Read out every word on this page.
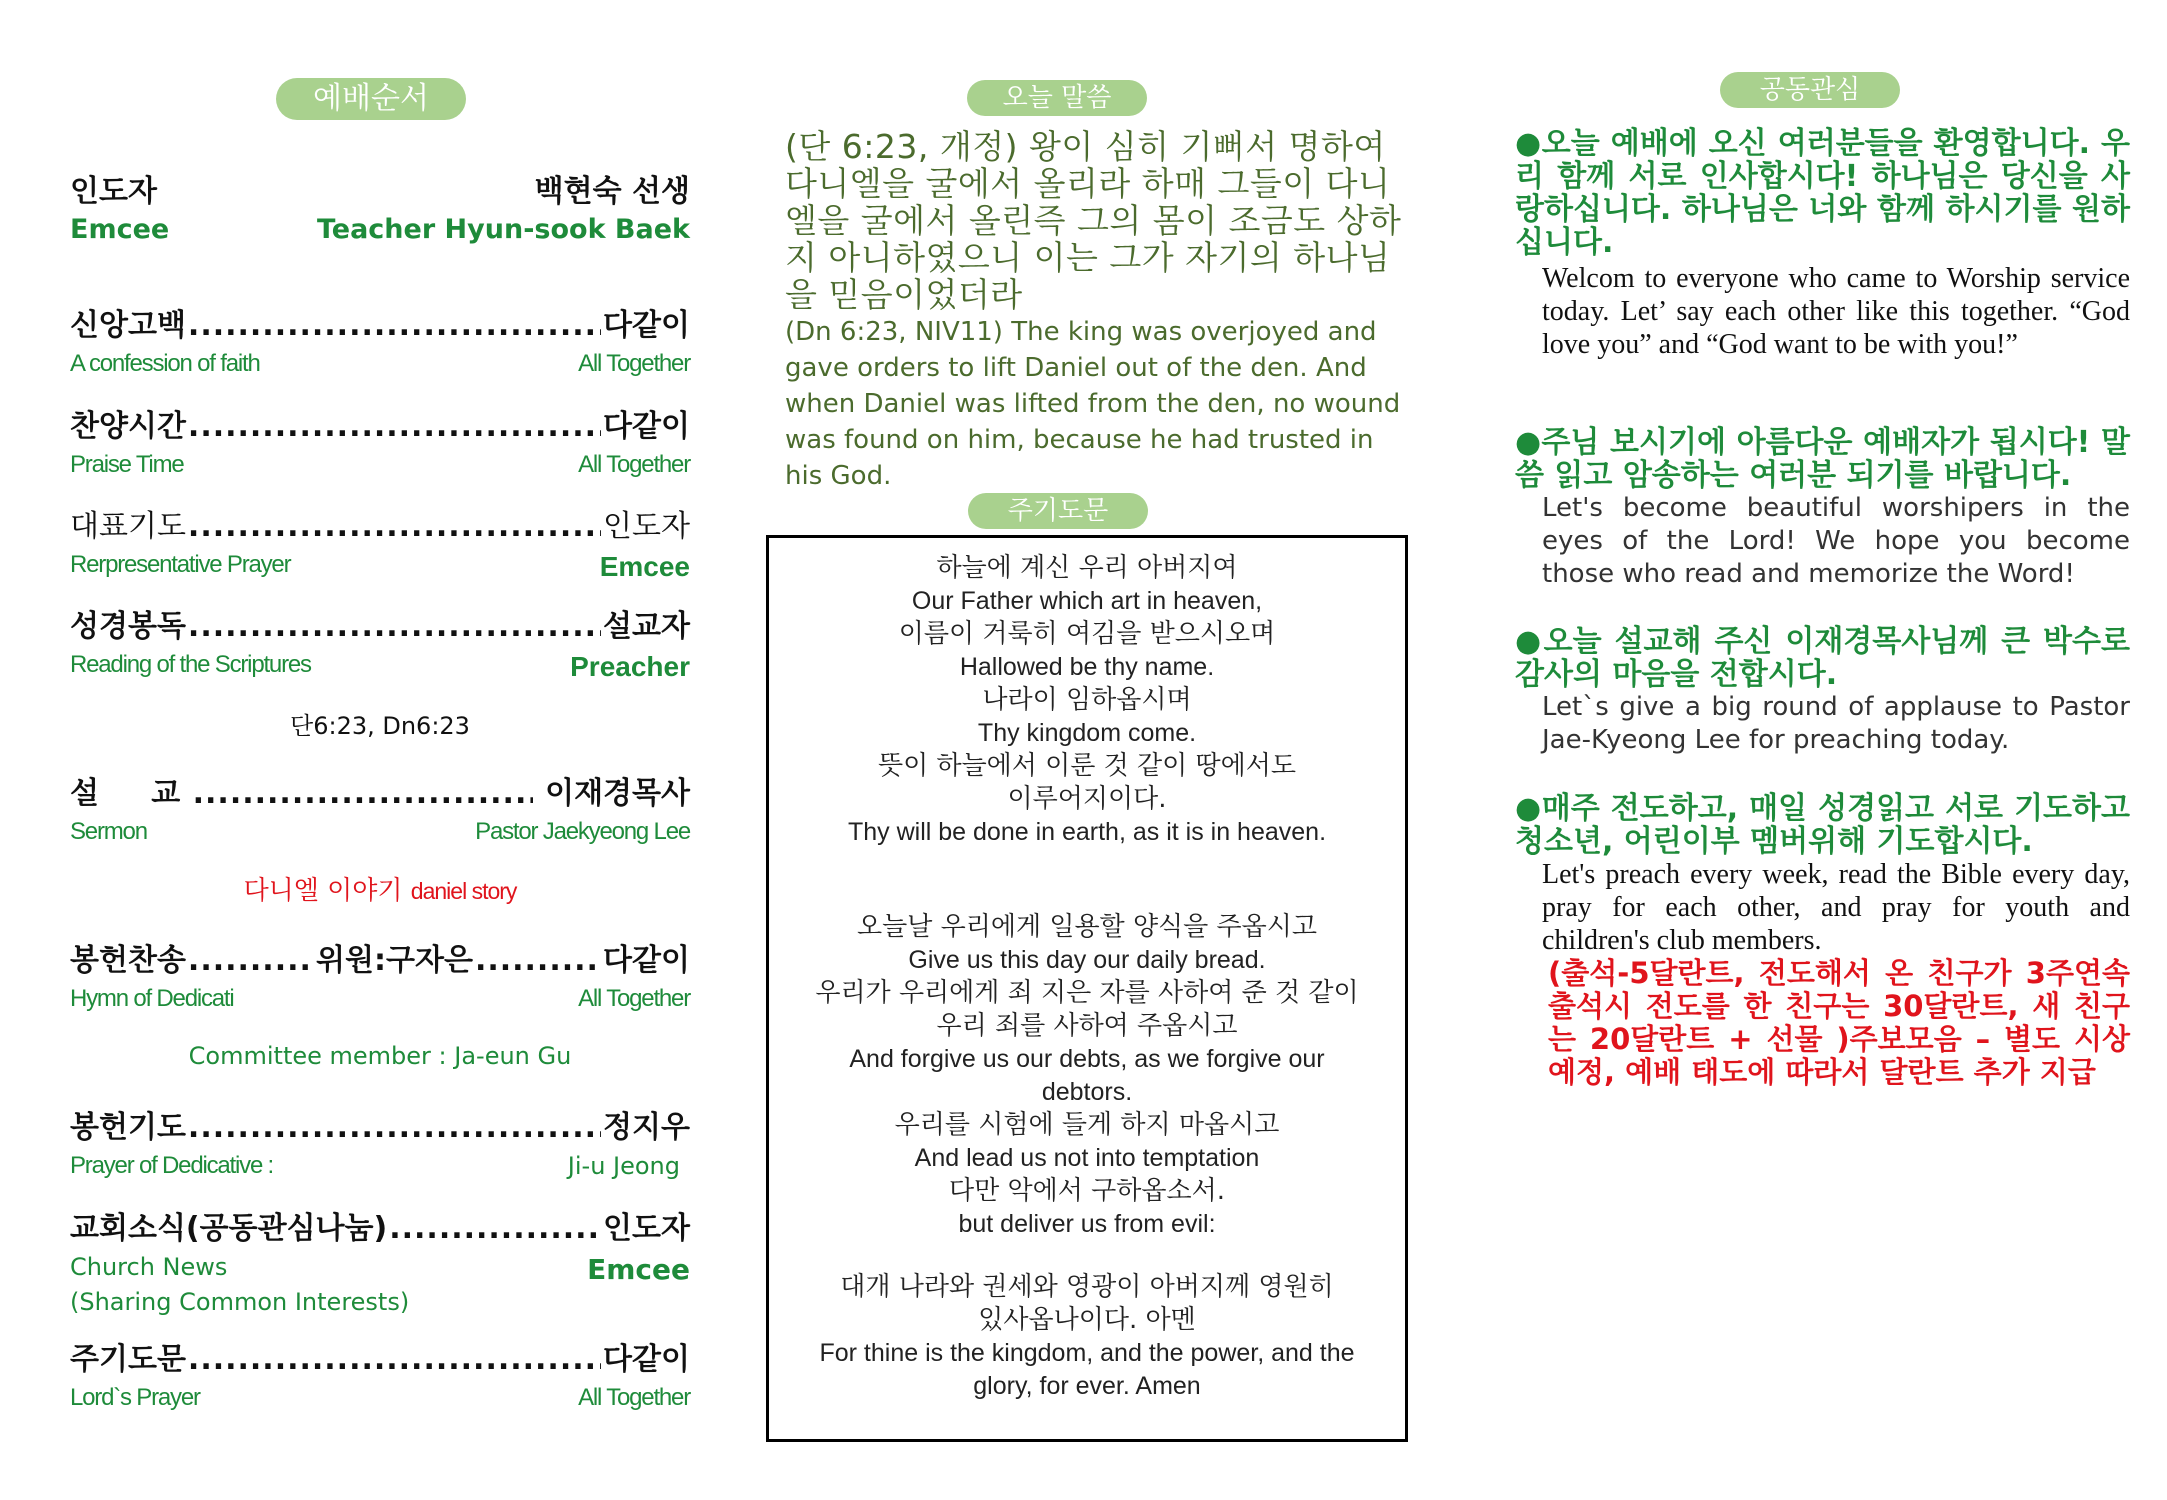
예배순서
인도자	백현숙 선생
Emcee	Teacher Hyun-sook Baek
신앙고백 .....	다같이
A confession of faith	All Together
찬양시간 .....	다같이
Praise Time	All Together
대표기도 .....	인도자
Rerpresentative Prayer	Emcee
성경봉독 .....	설교자
Reading of the Scriptures	Preacher
단6:23, Dn6:23
설     교 .....	이재경목사
Sermon	Pastor Jaekyeong Lee
다니엘 이야기 daniel story
봉헌찬송 .....	위원:구자은 .....	다같이
Hymn of Dedicati	All Together
Committee member : Ja-eun Gu
봉헌기도 .....	정지우
Prayer of Dedicative :	Ji-u Jeong
교회소식(공동관심나눔) .....	인도자
Church News	Emcee
(Sharing Common Interests)
주기도문 .....	다같이
Lord`s Prayer	All Together
오늘 말씀
(단 6:23, 개정) 왕이 심히 기뻐서 명하여 다니엘을 굴에서 올리라 하매 그들이 다니엘을 굴에서 올린즉 그의 몸이 조금도 상하지 아니하였으니 이는 그가 자기의 하나님을 믿음이었더라
(Dn 6:23, NIV11) The king was overjoyed and gave orders to lift Daniel out of the den. And when Daniel was lifted from the den, no wound was found on him, because he had trusted in his God.
주기도문
하늘에 계신 우리 아버지여
Our Father which art in heaven,
이름이 거룩히 여김을 받으시오며
Hallowed be thy name.
나라이 임하옵시며
Thy kingdom come.
뜻이 하늘에서 이룬 것 같이 땅에서도
이루어지이다.
Thy will be done in earth, as it is in heaven.
오늘날 우리에게 일용할 양식을 주옵시고
Give us this day our daily bread.
우리가 우리에게 죄 지은 자를 사하여 준 것 같이
우리 죄를 사하여 주옵시고
And forgive us our debts, as we forgive our
debtors.
우리를 시험에 들게 하지 마옵시고
And lead us not into temptation
다만 악에서 구하옵소서.
but deliver us from evil:
대개 나라와 권세와 영광이 아버지께 영원히
있사옵나이다. 아멘
For thine is the kingdom, and the power, and the
glory, for ever. Amen
공동관심
●오늘 예배에 오신 여러분들을 환영합니다. 우리 함께 서로 인사합시다! 하나님은 당신을 사랑하십니다. 하나님은 너와 함께 하시기를 원하십니다.
Welcom to everyone who came to Worship service today. Let’ say each other like this together. “God love you” and “God want to be with you!”
●주님 보시기에 아름다운 예배자가 됩시다! 말씀 읽고 암송하는 여러분 되기를 바랍니다.
Let's become beautiful worshipers in the eyes of the Lord! We hope you become those who read and memorize the Word!
●오늘 설교해 주신 이재경목사님께 큰 박수로 감사의 마음을 전합시다.
Let`s give a big round of applause to Pastor Jae-Kyeong Lee for preaching today.
●매주 전도하고, 매일 성경읽고 서로 기도하고 청소년, 어린이부 멤버위해 기도합시다.
Let's preach every week, read the Bible every day, pray for each other, and pray for youth and children's club members.
(출석-5달란트, 전도해서 온 친구가 3주연속 출석시 전도를 한 친구는 30달란트, 새 친구는 20달란트 + 선물 )주보모음 – 별도 시상 예정, 예배 태도에 따라서 달란트 추가 지급
